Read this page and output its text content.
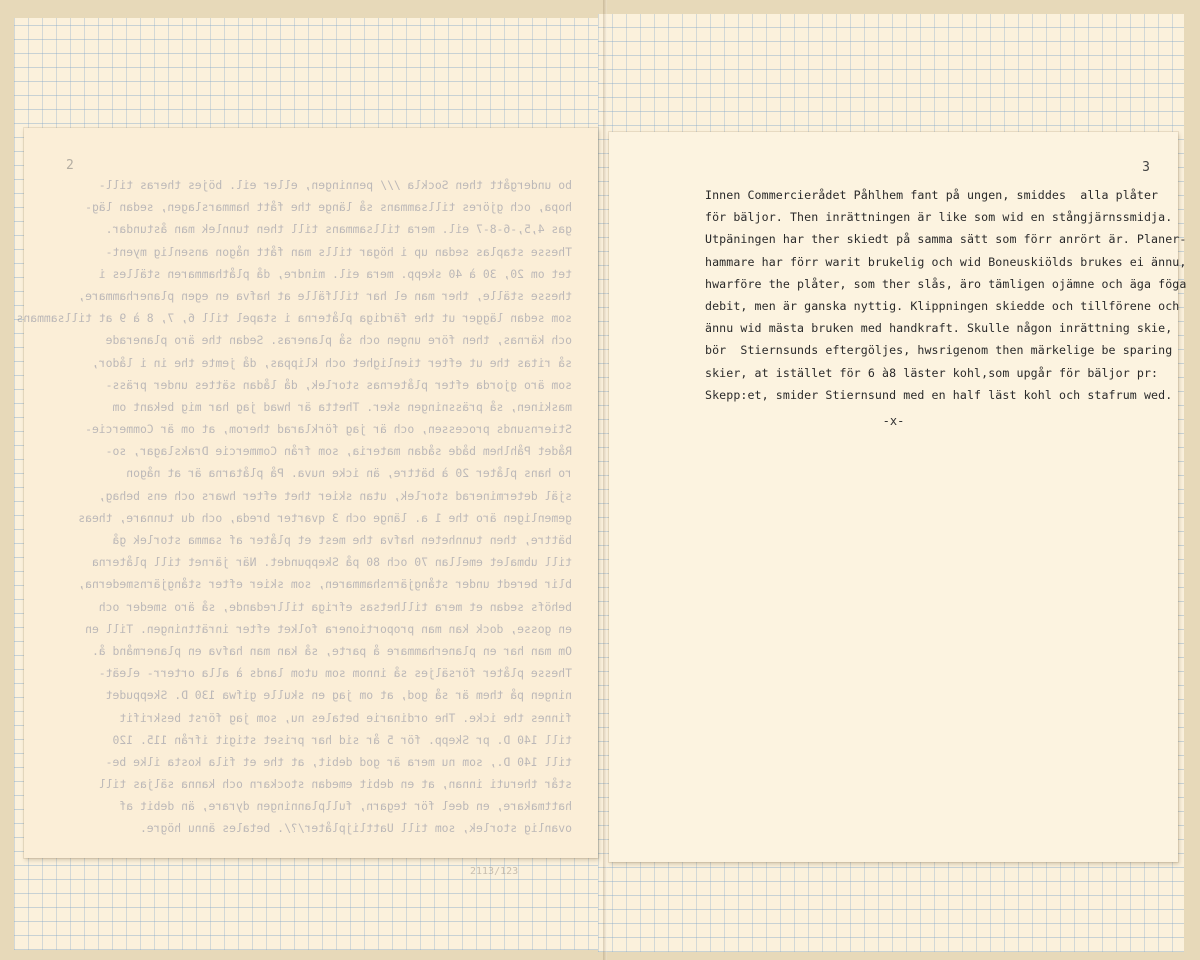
2
bo undergått then Sockla /// penningen, eller eil. böjes theras till-
hopa, och gjöres tillsammans så länge the fått hammarslagen, sedan läg-
gas 4,5,-6-8-7 eil. mera tillsammans till then tunnlek man åstundar.
Thesse staplas sedan up i högar tills man fått någon ansenlig myent-
tet om 20, 30 à 40 skepp. mera eil. mindre, då plåthammaren ställes i
thesse ställe, ther man el har tillfälle at hafva en egen planerhammare,
som sedan lägger ut the färdiga plåterna i stapel till 6, 7, 8 à 9 at tillsammans
och kärnas, then före ungen och så planeras. Sedan the äro planerade
så ritas the ut efter tienlighet och klippas, då jemte the in i lådor,
som äro gjorda efter plåternas storlek, då lådan sättes under präss-
maskinen, så prässningen sker. Thetta är hwad jag har mig bekant om
Stiernsunds processen, och är jag förklarad therom, at om är Commercie-
Rådet Påhlhem både sådan materia, som från Commercie Drakslagar, so-
ro hans plåter 20 à bättre, än icke nuva. På plåtarna är at någon
själ determinerad storlek, utan skier thet efter hwars och ens behag,
gemenligen äro the 1 a. länge och 3 qvarter breda, och du tunnare, theas
bättre, then tunnheten hafva the mest et plåter af samma storlek gå
till ubmalet emellan 70 och 80 på Skeppundet. När järnet till plåterna
blir beredt under stångjärnshammaren, som skier efter stångjärnsmederna,
behöfs sedan et mera tillhetsas efriga tillredande, så äro smeder och
en gosse, dock kan man proportionera folket efter inrättningen. Till en
Om man har en planerhammare å parte, så kan man hafva en planermånd å.
Thesse plåter försäljes så innom som utom lands à alla orterr- eleät-
ningen på them är så god, at om jag en skulle gifwa 130 D. Skeppudet
finnes the icke. The ordinarie betales nu, som jag först beskrifit
till 140 D. pr Skepp. för 5 år sid har priset stigit ifrån 115. 120
till 140 D., som nu mera är god debit, at the et fila kosta ilke be-
står theruti innan, at en debit emedan stockarn och kanna säljas till
hattmakare, en deel för tegarn, fullplanningen dyrare, än debit af
ovanlig storlek, som till Uattlijplåter/?/. betales ännu högre.
3
Innen Commercierådet Påhlhem fant på ungen, smiddes  alla plåter
för bäljor. Then inrättningen är like som wid en stångjärnssmidja.
Utpäningen har ther skiedt på samma sätt som förr anrört är. Planer-
hammare har förr warit brukelig och wid Boneuskiölds brukes ei ännu,
hwarföre the plåter, som ther slås, äro tämligen ojämne och äga föga
debit, men är ganska nyttig. Klippningen skiedde och tillförene och
ännu wid mästa bruken med handkraft. Skulle någon inrättning skie,
bör  Stiernsunds eftergöljes, hwsrigenom then märkelige be sparing
skier, at istället för 6 à8 läster kohl,som upgår för bäljor pr:
Skepp:et, smider Stiernsund med en half läst kohl och stafrum wed.
-x-
2113/123
